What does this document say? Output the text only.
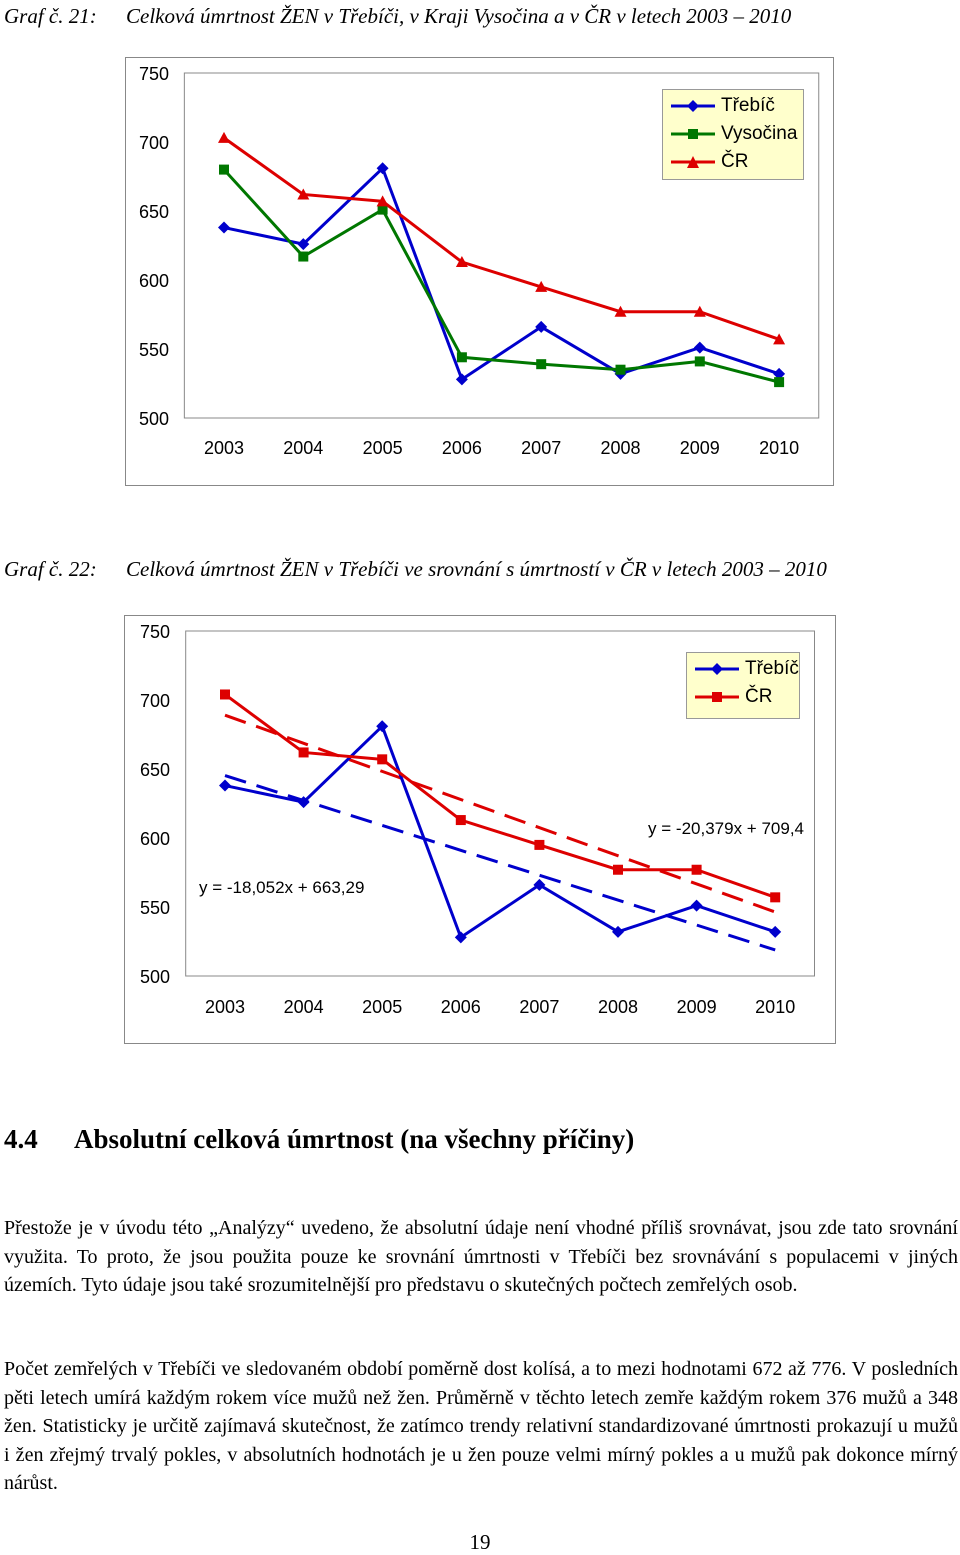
Graf č. 21: Celková úmrtnost ŽEN v Třebíči, v Kraji Vysočina a v ČR v letech 2003 – 2010
750
700
650
600
550
500
2003 2004 2005 2006 2007 2008 2009 2010
Třebíč
Vysočina
ČR
Graf č. 22: Celková úmrtnost ŽEN v Třebíči ve srovnání s úmrtností v ČR v letech 2003 – 2010
750
700
650
600
550
500
2003 2004 2005 2006 2007 2008 2009 2010
y = -18,052x + 663,29
y = -20,379x + 709,4
Třebíč
ČR
4.4 Absolutní celková úmrtnost (na všechny příčiny)

Přestože je v úvodu této „Analýzy“ uvedeno, že absolutní údaje není vhodné příliš srovnávat, jsou zde tato srovnání využita. To proto, že jsou použita pouze ke srovnání úmrtnosti v Třebíči bez srovnávání s populacemi v jiných územích. Tyto údaje jsou také srozumitelnější pro představu o skutečných počtech zemřelých osob.

Počet zemřelých v Třebíči ve sledovaném období poměrně dost kolísá, a to mezi hodnotami 672 až 776. V posledních pěti letech umírá každým rokem více mužů než žen. Průměrně v těchto letech zemře každým rokem 376 mužů a 348 žen. Statisticky je určitě zajímavá skutečnost, že zatímco trendy relativní standardizované úmrtnosti prokazují u mužů i žen zřejmý trvalý pokles, v absolutních hodnotách je u žen pouze velmi mírný pokles a u mužů pak dokonce mírný nárůst.

19
